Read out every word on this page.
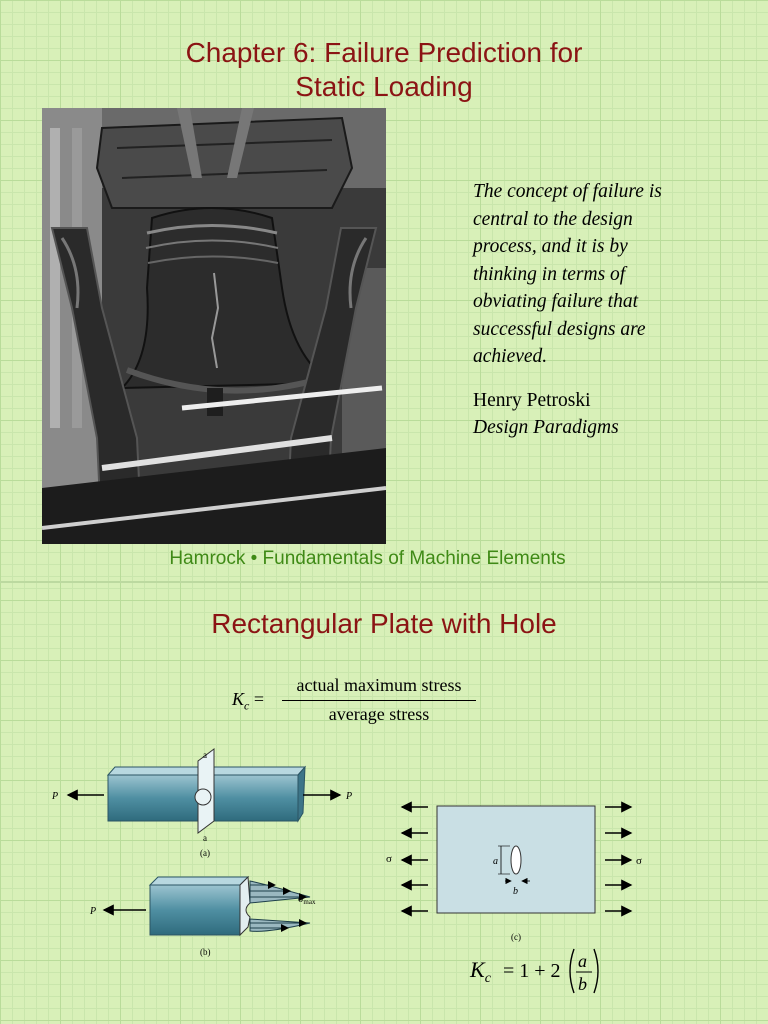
Chapter 6: Failure Prediction for
Static Loading
The concept of failure is
central to the design
process, and it is by
thinking in terms of
obviating failure that
successful designs are
achieved.
Henry Petroski
Design Paradigms
Hamrock • Fundamentals of Machine Elements
Rectangular Plate with Hole
$K_c$ =
actual maximum stress
average stress
P	P
a
a
(a)
P
$\sigma_{max}$
(b)
a
b
σ	σ
(c)
$K_c = 1 + 2$ a
b
